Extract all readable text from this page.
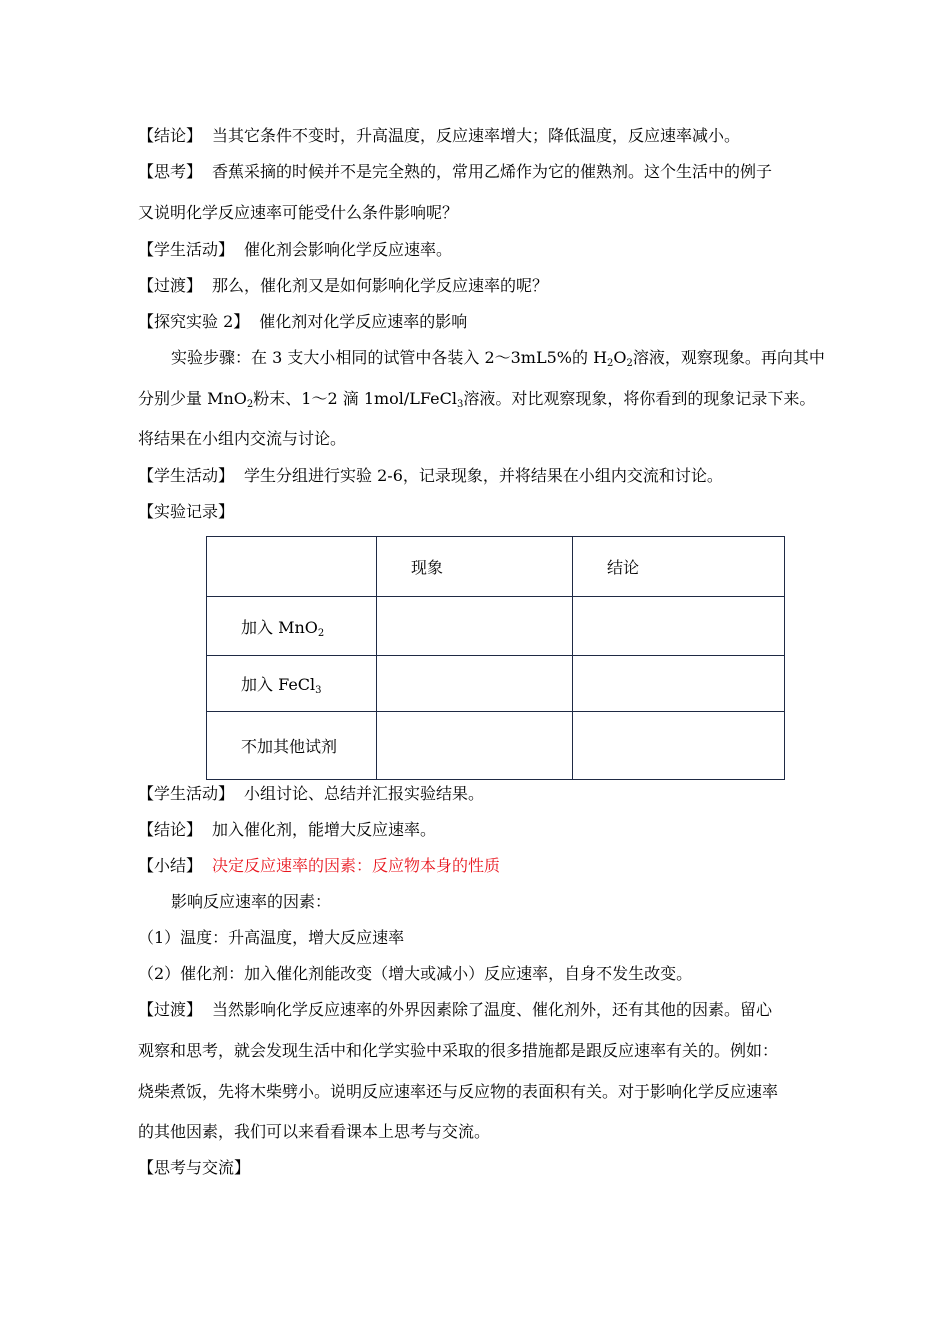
【结论】 当其它条件不变时，升高温度，反应速率增大；降低温度，反应速率减小。
【思考】 香蕉采摘的时候并不是完全熟的，常用乙烯作为它的催熟剂。这个生活中的例子
又说明化学反应速率可能受什么条件影响呢？
【学生活动】 催化剂会影响化学反应速率。
【过渡】 那么，催化剂又是如何影响化学反应速率的呢？
【探究实验 2】 催化剂对化学反应速率的影响
实验步骤：在 3 支大小相同的试管中各装入 2～3mL5%的 $H_2O_2$溶液，观察现象。再向其中
分别少量 MnO$_2$粉末、1～2 滴 1mol/LFeCl$_3$溶液。对比观察现象，将你看到的现象记录下来。
将结果在小组内交流与讨论。
【学生活动】 学生分组进行实验 2-6，记录现象，并将结果在小组内交流和讨论。
【实验记录】
	现象	结论
加入 MnO$_2$		
加入 FeCl$_3$		
不加其他试剂		
【学生活动】 小组讨论、总结并汇报实验结果。
【结论】 加入催化剂，能增大反应速率。
【小结】 决定反应速率的因素：反应物本身的性质
影响反应速率的因素：
（1）温度：升高温度，增大反应速率
（2）催化剂：加入催化剂能改变（增大或减小）反应速率，自身不发生改变。
【过渡】 当然影响化学反应速率的外界因素除了温度、催化剂外，还有其他的因素。留心
观察和思考，就会发现生活中和化学实验中采取的很多措施都是跟反应速率有关的。例如：
烧柴煮饭，先将木柴劈小。说明反应速率还与反应物的表面积有关。对于影响化学反应速率
的其他因素，我们可以来看看课本上思考与交流。
【思考与交流】
